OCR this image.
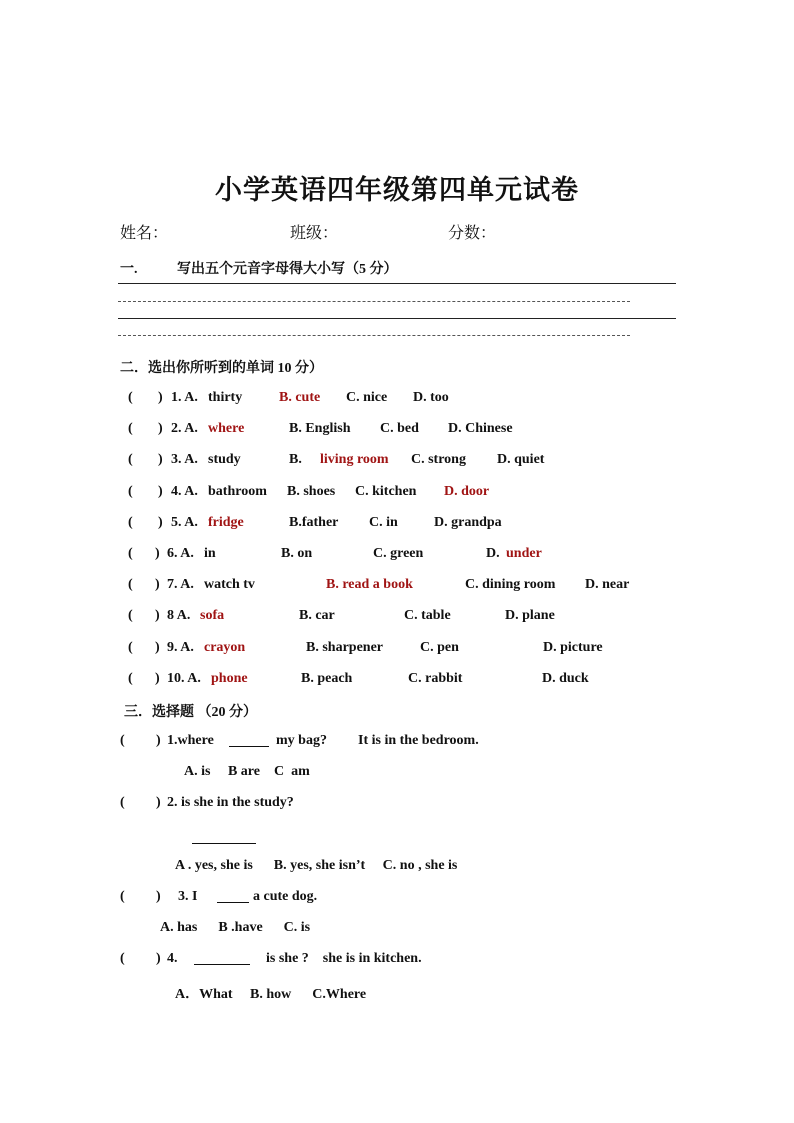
小学英语四年级第四单元试卷
姓名：	班级：	分数：
一.	写出五个元音字母得大小写（5 分）
二．选出你所听到的单词 10 分）
( ) 1. A. thirty	B. cute C. nice D. too
( ) 2. A. where	B. English C. bed D. Chinese
( ) 3. A. study	B. living room C. strong D. quiet
( ) 4. A. bathroom B. shoes C. kitchen D. door
( ) 5. A. fridge	B.father C. in	D. grandpa
( ) 6. A. in	B. on	C. green	D. under
( ) 7. A. watch tv	B. read a book	C. dining room D. near
( ) 8 A. sofa	B. car	C. table	D. plane
( ) 9. A. crayon	B. sharpener	C. pen	D. picture
( ) 10. A. phone	B. peach	C. rabbit	D. duck
三．选择题 （20 分）
( ) 1.where	my bag? It is in the bedroom.
A. is     B are    C  am
( ) 2. is she in the study?
A . yes, she is      B. yes, she isn’t     C. no , she is
( ) 3. I	a cute dog.
A. has      B .have      C. is
( ) 4.	is she ?    she is in kitchen.
A．What     B. how      C.Where
